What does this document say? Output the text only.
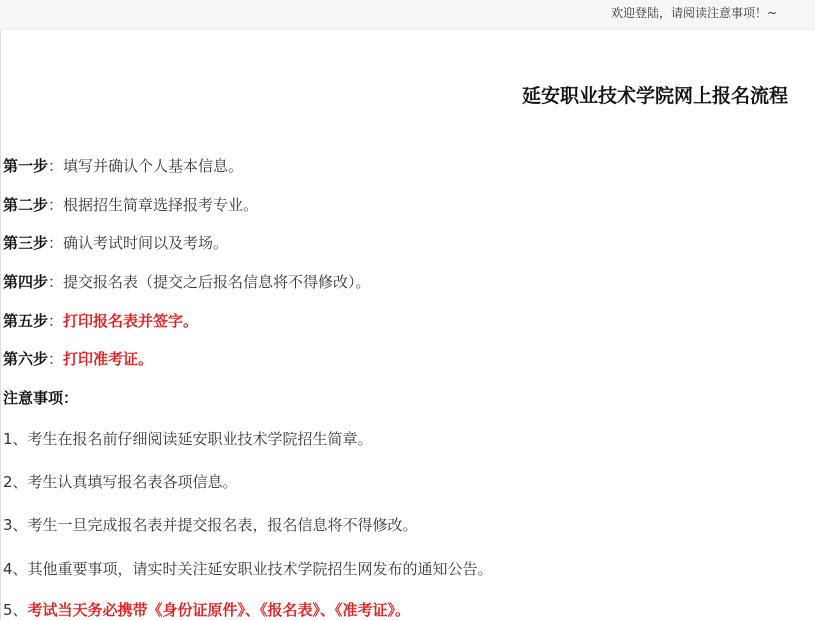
欢迎登陆，请阅读注意事项！~
延安职业技术学院网上报名流程
第一步：填写并确认个人基本信息。
第二步：根据招生简章选择报考专业。
第三步：确认考试时间以及考场。
第四步：提交报名表（提交之后报名信息将不得修改）。
第五步：打印报名表并签字。
第六步：打印准考证。
注意事项：
1、考生在报名前仔细阅读延安职业技术学院招生简章。
2、考生认真填写报名表各项信息。
3、考生一旦完成报名表并提交报名表，报名信息将不得修改。
4、其他重要事项，请实时关注延安职业技术学院招生网发布的通知公告。
5、考试当天务必携带《身份证原件》、《报名表》、《准考证》。
